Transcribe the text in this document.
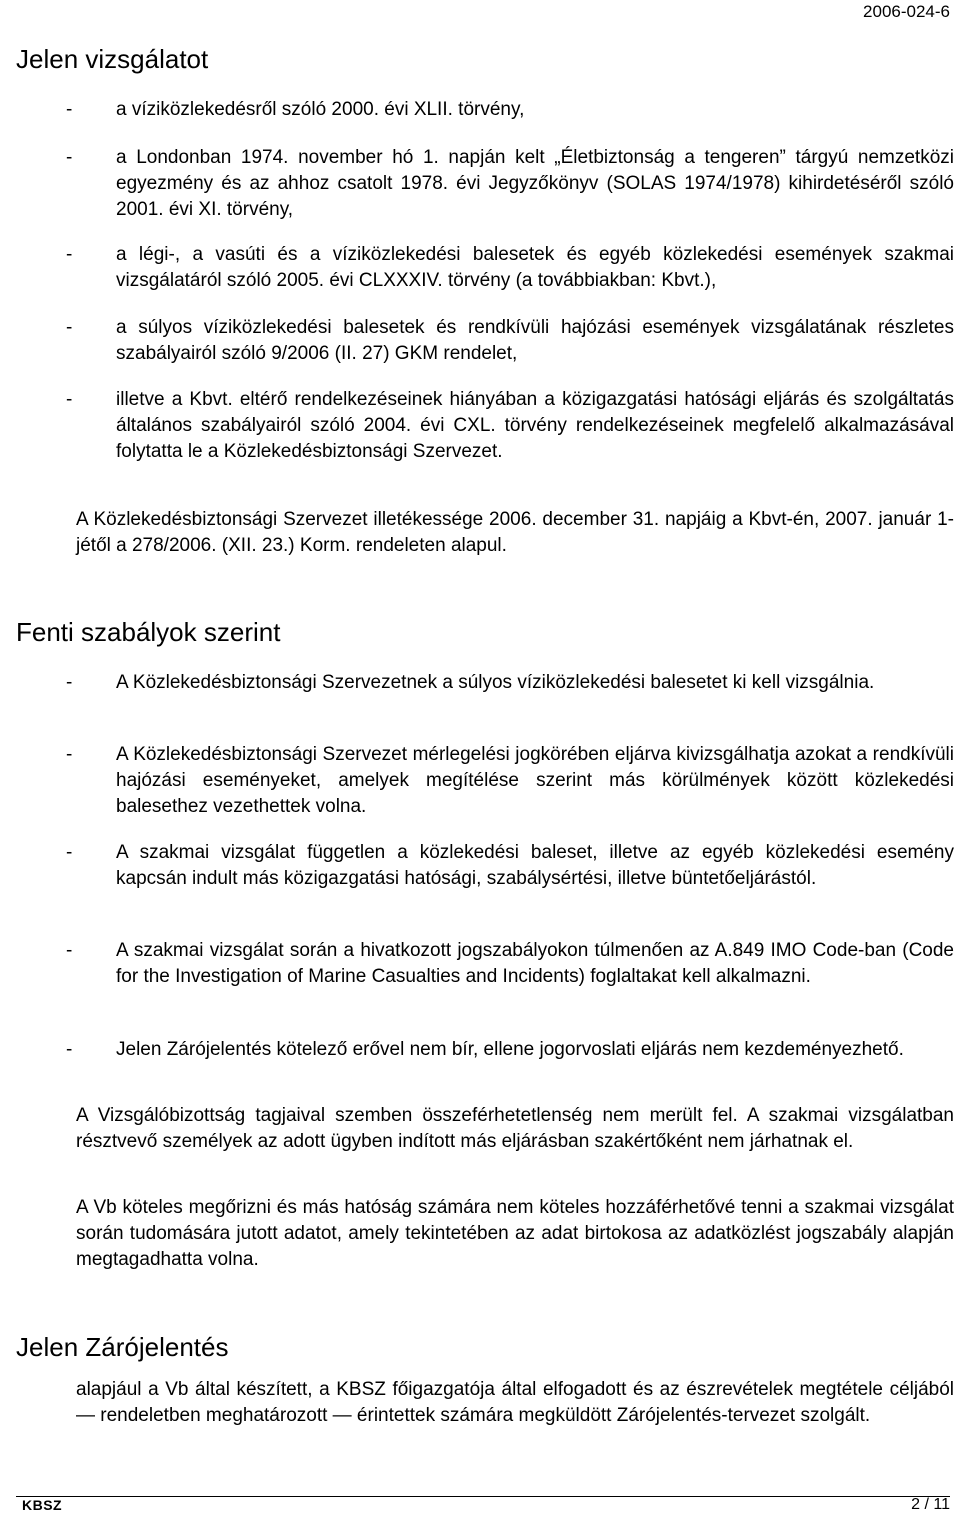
2006-024-6
Jelen vizsgálatot
- a víziközlekedésről szóló 2000. évi XLII. törvény,
- a Londonban 1974. november hó 1. napján kelt „Életbiztonság a tengeren” tárgyú nemzetközi egyezmény és az ahhoz csatolt 1978. évi Jegyzőkönyv (SOLAS 1974/1978) kihirdetéséről szóló 2001. évi XI. törvény,
- a légi-, a vasúti és a víziközlekedési balesetek és egyéb közlekedési események szakmai vizsgálatáról szóló 2005. évi CLXXXIV. törvény (a továbbiakban: Kbvt.),
- a súlyos víziközlekedési balesetek és rendkívüli hajózási események vizsgálatának részletes szabályairól szóló 9/2006 (II. 27) GKM rendelet,
- illetve a Kbvt. eltérő rendelkezéseinek hiányában a közigazgatási hatósági eljárás és szolgáltatás általános szabályairól szóló 2004. évi CXL. törvény rendelkezéseinek megfelelő alkalmazásával folytatta le a Közlekedésbiztonsági Szervezet.
A Közlekedésbiztonsági Szervezet illetékessége 2006. december 31. napjáig a Kbvt-én, 2007. január 1-jétől a 278/2006. (XII. 23.) Korm. rendeleten alapul.
Fenti szabályok szerint
- A Közlekedésbiztonsági Szervezetnek a súlyos víziközlekedési balesetet ki kell vizsgálnia.
- A Közlekedésbiztonsági Szervezet mérlegelési jogkörében eljárva kivizsgálhatja azokat a rendkívüli hajózási eseményeket, amelyek megítélése szerint más körülmények között közlekedési balesethez vezethettek volna.
- A szakmai vizsgálat független a közlekedési baleset, illetve az egyéb közlekedési esemény kapcsán indult más közigazgatási hatósági, szabálysértési, illetve büntetőeljárástól.
- A szakmai vizsgálat során a hivatkozott jogszabályokon túlmenően az A.849 IMO Code-ban (Code for the Investigation of Marine Casualties and Incidents) foglaltakat kell alkalmazni.
- Jelen Zárójelentés kötelező erővel nem bír, ellene jogorvoslati eljárás nem kezdeményezhető.
A Vizsgálóbizottság tagjaival szemben összeférhetetlenség nem merült fel. A szakmai vizsgálatban résztvevő személyek az adott ügyben indított más eljárásban szakértőként nem járhatnak el.
A Vb köteles megőrizni és más hatóság számára nem köteles hozzáférhetővé tenni a szakmai vizsgálat során tudomására jutott adatot, amely tekintetében az adat birtokosa az adatközlést jogszabály alapján megtagadhatta volna.
Jelen Zárójelentés
alapjául a Vb által készített, a KBSZ főigazgatója által elfogadott és az észrevételek megtétele céljából — rendeletben meghatározott — érintettek számára megküldött Zárójelentés-tervezet szolgált.
KBSZ	2 / 11
